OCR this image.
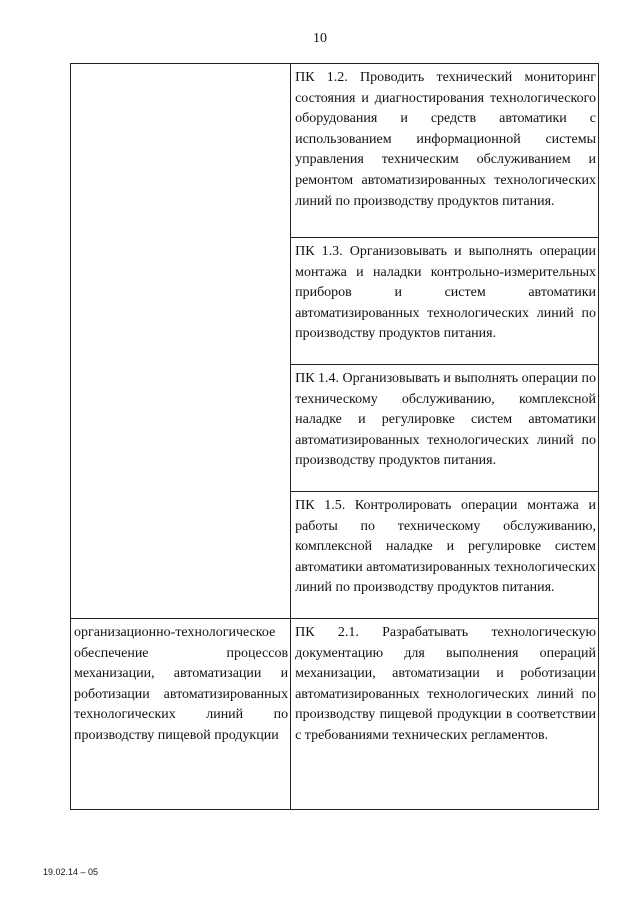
10
	ПК 1.2. Проводить технический мониторинг состояния и диагностирования технологического оборудования и средств автоматики с использованием информационной системы управления техническим обслуживанием и ремонтом автоматизированных технологических линий по производству продуктов питания.
	ПК 1.3. Организовывать и выполнять операции монтажа и наладки контрольно-измерительных приборов и систем автоматики автоматизированных технологических линий по производству продуктов питания.
	ПК 1.4. Организовывать и выполнять операции по техническому обслуживанию, комплексной наладке и регулировке систем автоматики автоматизированных технологических линий по производству продуктов питания.
	ПК 1.5. Контролировать операции монтажа и работы по техническому обслуживанию, комплексной наладке и регулировке систем автоматики автоматизированных технологических линий по производству продуктов питания.
организационно-технологическое обеспечение процессов механизации, автоматизации и роботизации автоматизированных технологических линий по производству пищевой продукции	ПК 2.1. Разрабатывать технологическую документацию для выполнения операций механизации, автоматизации и роботизации автоматизированных технологических линий по производству пищевой продукции в соответствии с требованиями технических регламентов.
19.02.14 – 05
